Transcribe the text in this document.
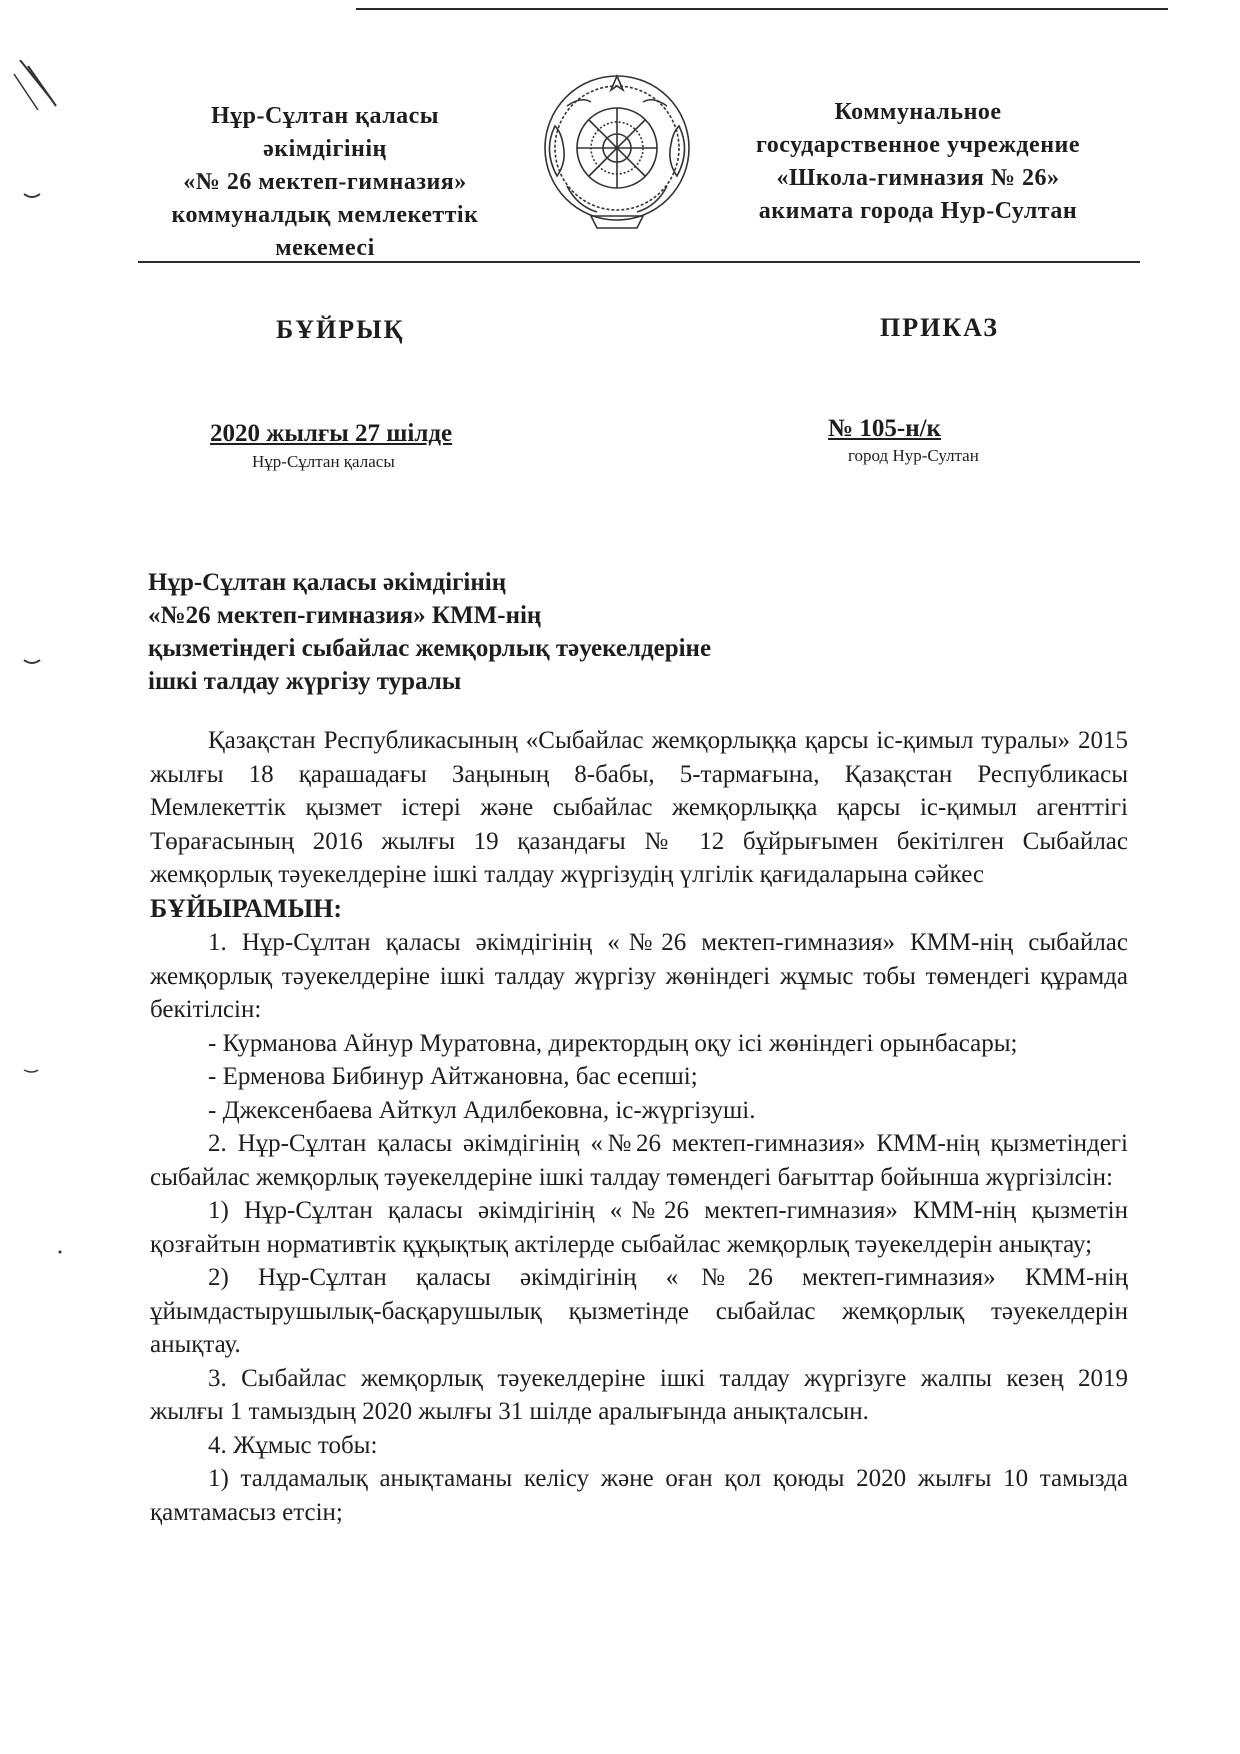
Нұр-Сұлтан қаласы
әкімдігінің
«№ 26 мектеп-гимназия»
коммуналдық мемлекеттік
мекемесі
Коммунальное
государственное учреждение
«Школа-гимназия № 26»
акимата города Нур-Султан
БҰЙРЫҚ	ПРИКАЗ
2020 жылғы 27 шілде
Нұр-Сұлтан қаласы
№ 105-н/к
город Нур-Султан
Нұр-Сұлтан қаласы әкімдігінің
«№26 мектеп-гимназия» КММ-нің
қызметіндегі сыбайлас жемқорлық тәуекелдеріне
ішкі талдау жүргізу туралы

Қазақстан Республикасының «Сыбайлас жемқорлыққа қарсы іс-қимыл туралы» 2015 жылғы 18 қарашадағы Заңының 8-бабы, 5-тармағына, Қазақстан Республикасы Мемлекеттік қызмет істері және сыбайлас жемқорлыққа қарсы іс-қимыл агенттігі Төрағасының 2016 жылғы 19 қазандағы № 12 бұйрығымен бекітілген Сыбайлас жемқорлық тәуекелдеріне ішкі талдау жүргізудің үлгілік қағидаларына сәйкес
БҰЙЫРАМЫН:

1. Нұр-Сұлтан қаласы әкімдігінің «№26 мектеп-гимназия» КММ-нің сыбайлас жемқорлық тәуекелдеріне ішкі талдау жүргізу жөніндегі жұмыс тобы төмендегі құрамда бекітілсін:

- Курманова Айнур Муратовна, директордың оқу ісі жөніндегі орынбасары;

- Ерменова Бибинур Айтжановна, бас есепші;

- Джексенбаева Айткул Адилбековна, іс-жүргізуші.

2. Нұр-Сұлтан қаласы әкімдігінің «№26 мектеп-гимназия» КММ-нің қызметіндегі сыбайлас жемқорлық тәуекелдеріне ішкі талдау төмендегі бағыттар бойынша жүргізілсін:

1) Нұр-Сұлтан қаласы әкімдігінің «№26 мектеп-гимназия» КММ-нің қызметін қозғайтын нормативтік құқықтық актілерде сыбайлас жемқорлық тәуекелдерін анықтау;

2) Нұр-Сұлтан қаласы әкімдігінің «№26 мектеп-гимназия» КММ-нің ұйымдастырушылық-басқарушылық қызметінде сыбайлас жемқорлық тәуекелдерін анықтау.

3. Сыбайлас жемқорлық тәуекелдеріне ішкі талдау жүргізуге жалпы кезең 2019 жылғы 1 тамыздың 2020 жылғы 31 шілде аралығында анықталсын.

4. Жұмыс тобы:

1) талдамалық анықтаманы келісу және оған қол қоюды 2020 жылғы 10 тамызда қамтамасыз етсін;
